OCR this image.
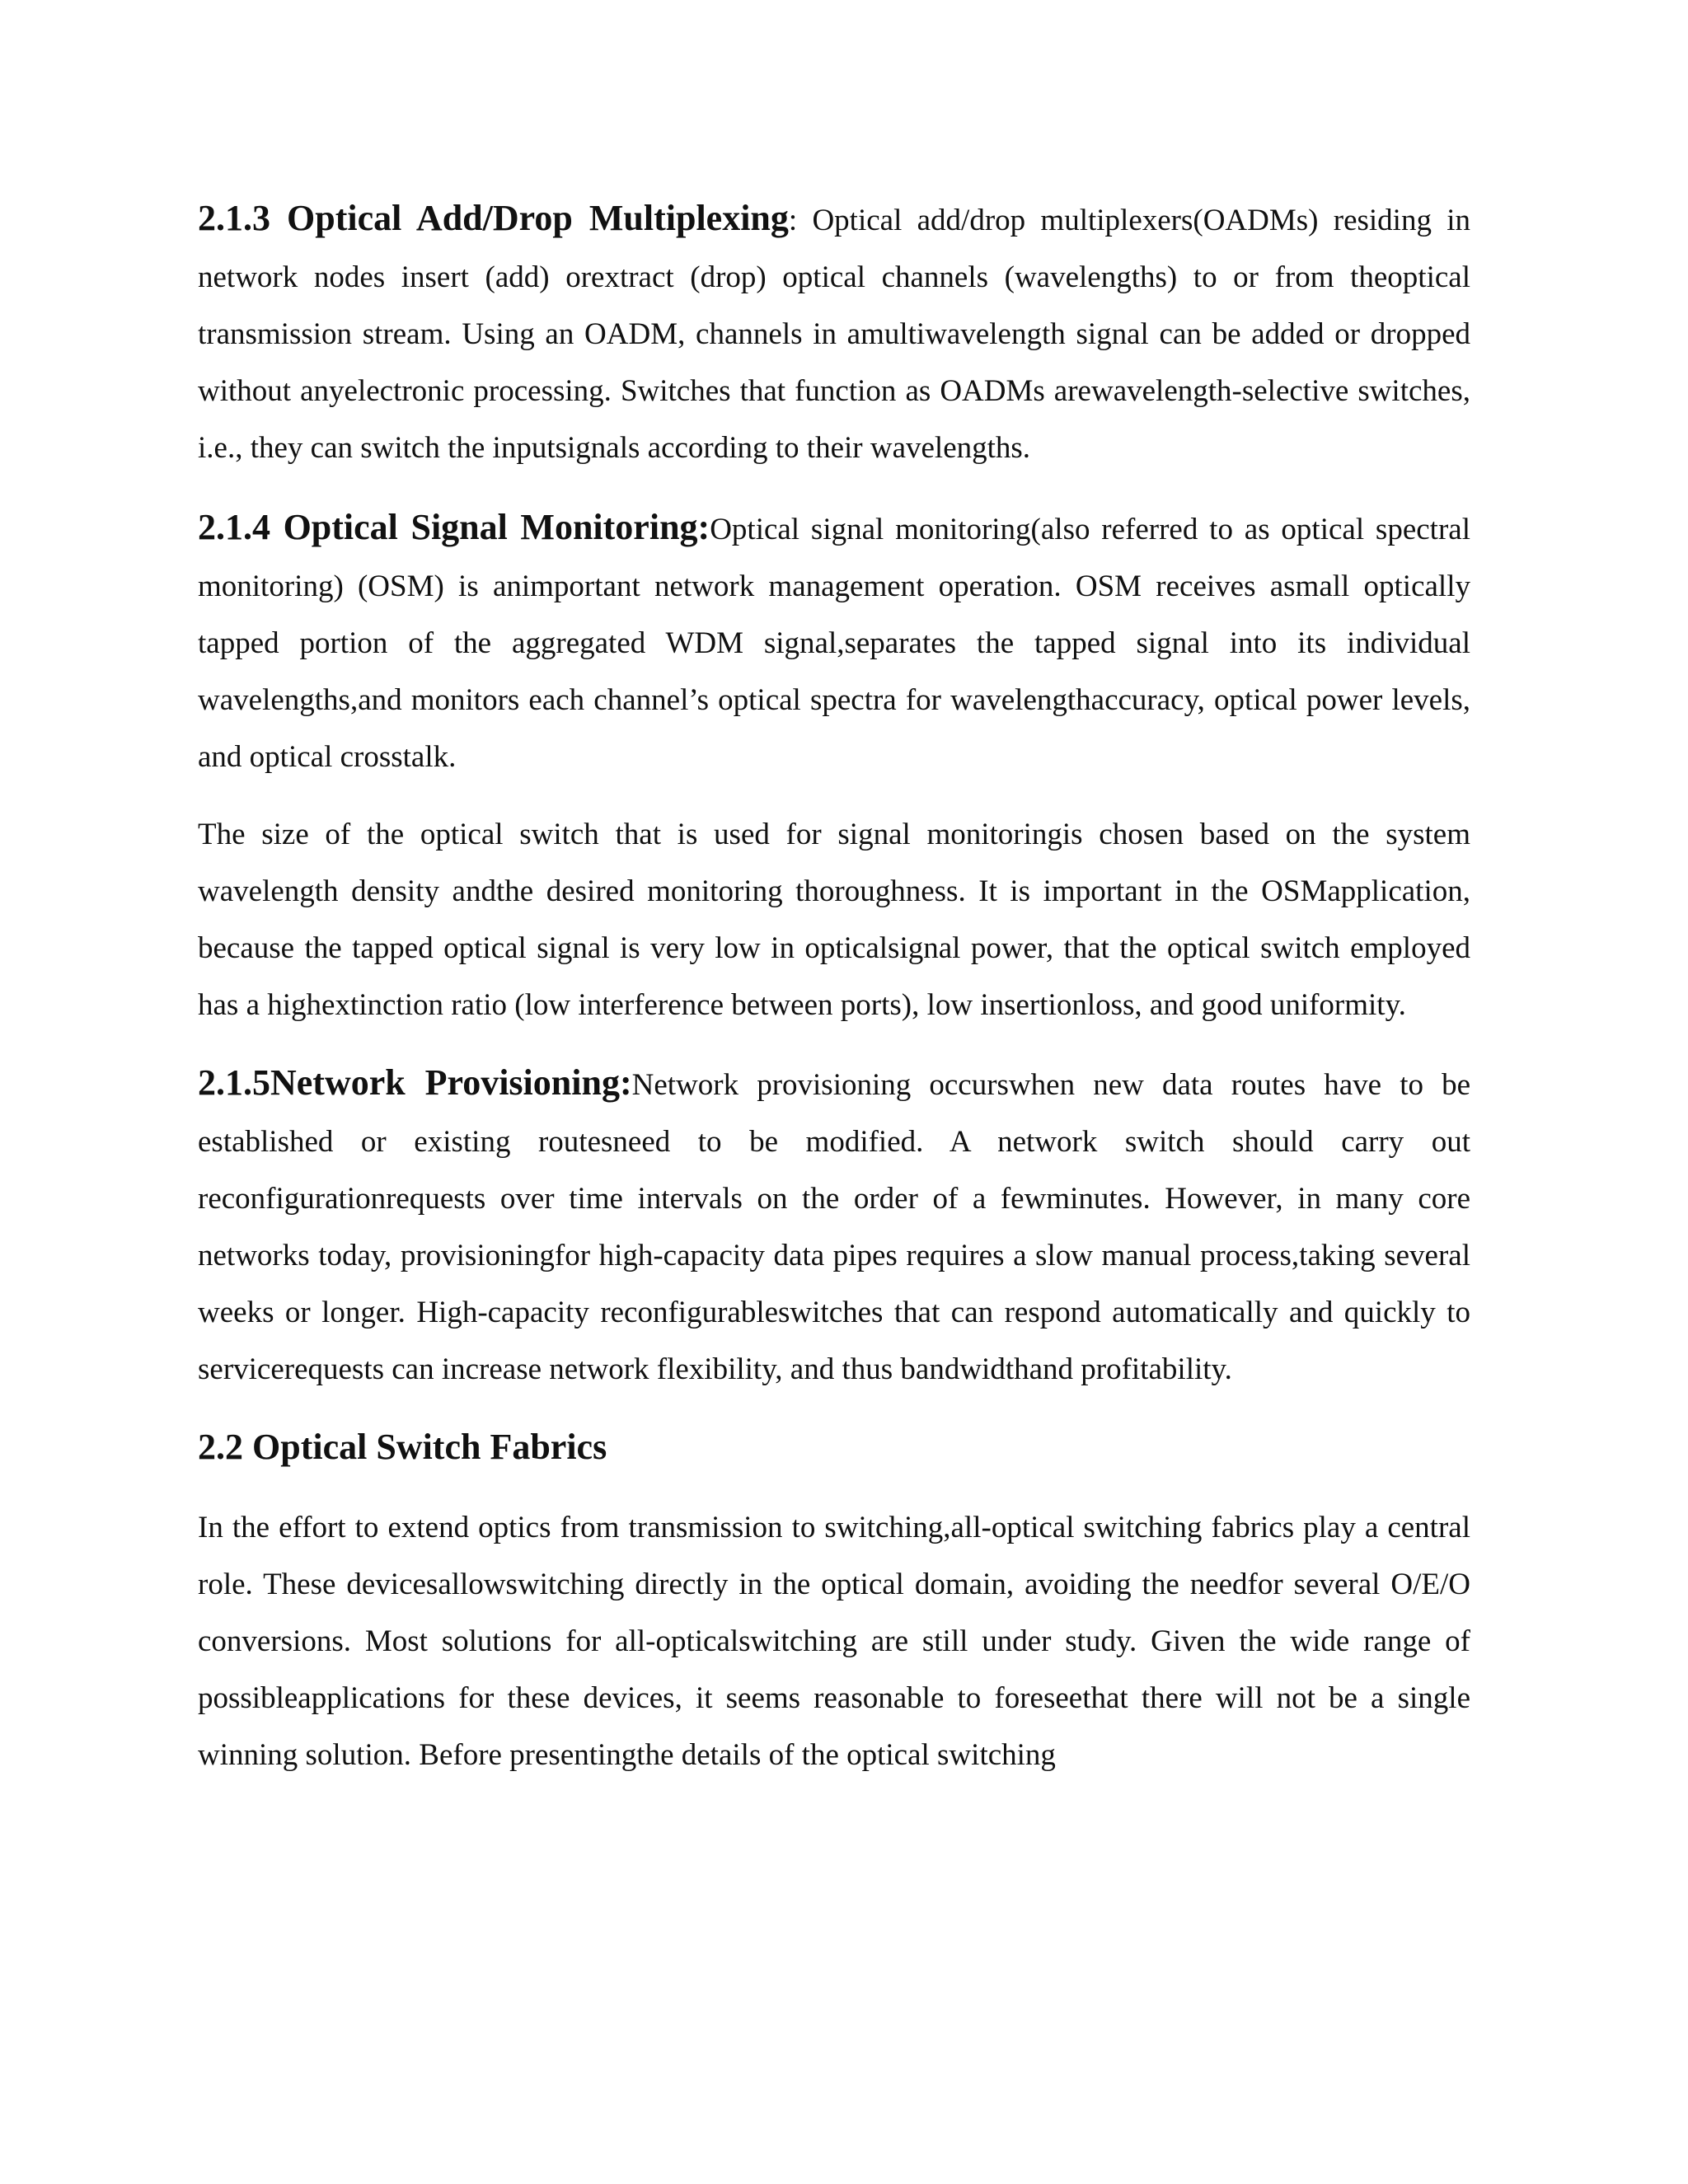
2.1.3 Optical Add/Drop Multiplexing: Optical add/drop multiplexers(OADMs) residing in network nodes insert (add) orextract (drop) optical channels (wavelengths) to or from theoptical transmission stream. Using an OADM, channels in amultiwavelength signal can be added or dropped without anyelectronic processing. Switches that function as OADMs arewavelength-selective switches, i.e., they can switch the inputsignals according to their wavelengths.

2.1.4 Optical Signal Monitoring:Optical signal monitoring(also referred to as optical spectral monitoring) (OSM) is animportant network management operation. OSM receives asmall optically tapped portion of the aggregated WDM signal,separates the tapped signal into its individual wavelengths,and monitors each channel’s optical spectra for wavelengthaccuracy, optical power levels, and optical crosstalk.

The size of the optical switch that is used for signal monitoringis chosen based on the system wavelength density andthe desired monitoring thoroughness. It is important in the OSMapplication, because the tapped optical signal is very low in opticalsignal power, that the optical switch employed has a highextinction ratio (low interference between ports), low insertionloss, and good uniformity.

2.1.5Network Provisioning:Network provisioning occurswhen new data routes have to be established or existing routesneed to be modified. A network switch should carry out reconfigurationrequests over time intervals on the order of a fewminutes. However, in many core networks today, provisioningfor high-capacity data pipes requires a slow manual process,taking several weeks or longer. High-capacity reconfigurableswitches that can respond automatically and quickly to servicerequests can increase network flexibility, and thus bandwidthand profitability.

2.2 Optical Switch Fabrics

In the effort to extend optics from transmission to switching,all-optical switching fabrics play a central role. These devicesallowswitching directly in the optical domain, avoiding the needfor several O/E/O conversions. Most solutions for all-opticalswitching are still under study. Given the wide range of possibleapplications for these devices, it seems reasonable to foreseethat there will not be a single winning solution. Before presentingthe details of the optical switching
